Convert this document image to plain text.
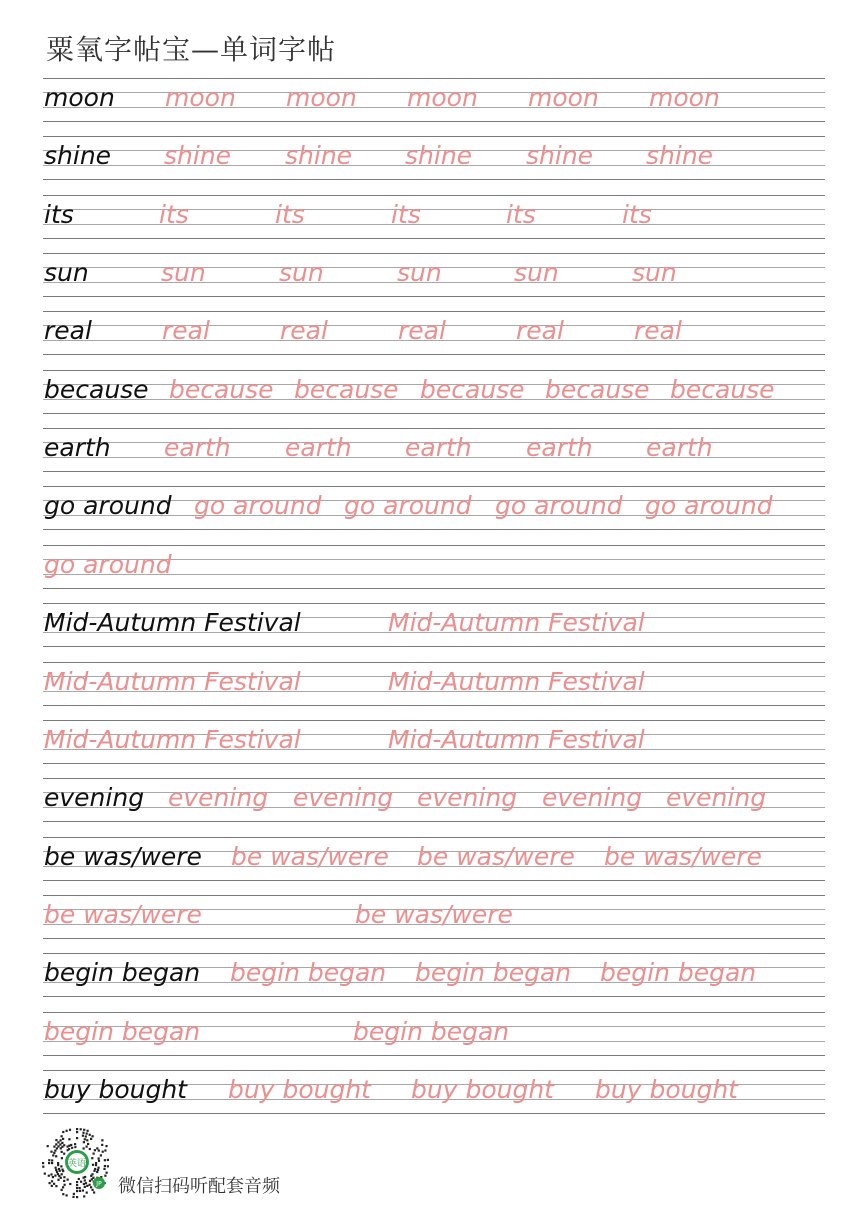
粟氧字帖宝—单词字帖
moon moon moon moon moon moon
shine shine shine shine shine shine
its	its	its	its	its	its
sun	sun	sun	sun	sun	sun
real	real	real	real	real	real
because because because because because because
earth earth earth earth earth earth
go around go around go around go around go around
go around
Mid-Autumn Festival	Mid-Autumn Festival
Mid-Autumn Festival	Mid-Autumn Festival
Mid-Autumn Festival	Mid-Autumn Festival
evening evening evening evening evening evening
be was/were be was/were be was/were be was/were
be was/were	be was/were
begin began begin began begin began begin began
begin began	begin began
buy bought buy bought buy bought buy bought
英语
JP 微信扫码听配套音频
